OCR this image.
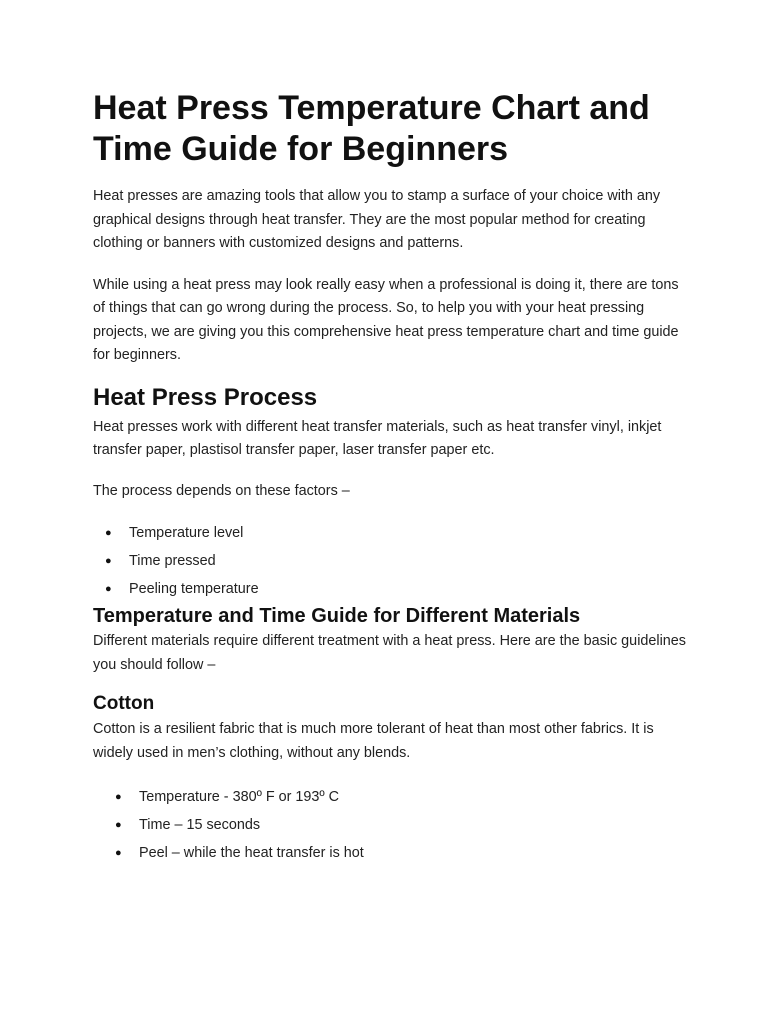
Heat Press Temperature Chart and Time Guide for Beginners

Heat presses are amazing tools that allow you to stamp a surface of your choice with any graphical designs through heat transfer. They are the most popular method for creating clothing or banners with customized designs and patterns.

While using a heat press may look really easy when a professional is doing it, there are tons of things that can go wrong during the process. So, to help you with your heat pressing projects, we are giving you this comprehensive heat press temperature chart and time guide for beginners.

Heat Press Process

Heat presses work with different heat transfer materials, such as heat transfer vinyl, inkjet transfer paper, plastisol transfer paper, laser transfer paper etc.

The process depends on these factors –

● Temperature level
● Time pressed
● Peeling temperature
Temperature and Time Guide for Different Materials

Different materials require different treatment with a heat press. Here are the basic guidelines you should follow –

Cotton

Cotton is a resilient fabric that is much more tolerant of heat than most other fabrics. It is widely used in men’s clothing, without any blends.

● Temperature - 380º F or 193º C
● Time – 15 seconds
● Peel – while the heat transfer is hot
